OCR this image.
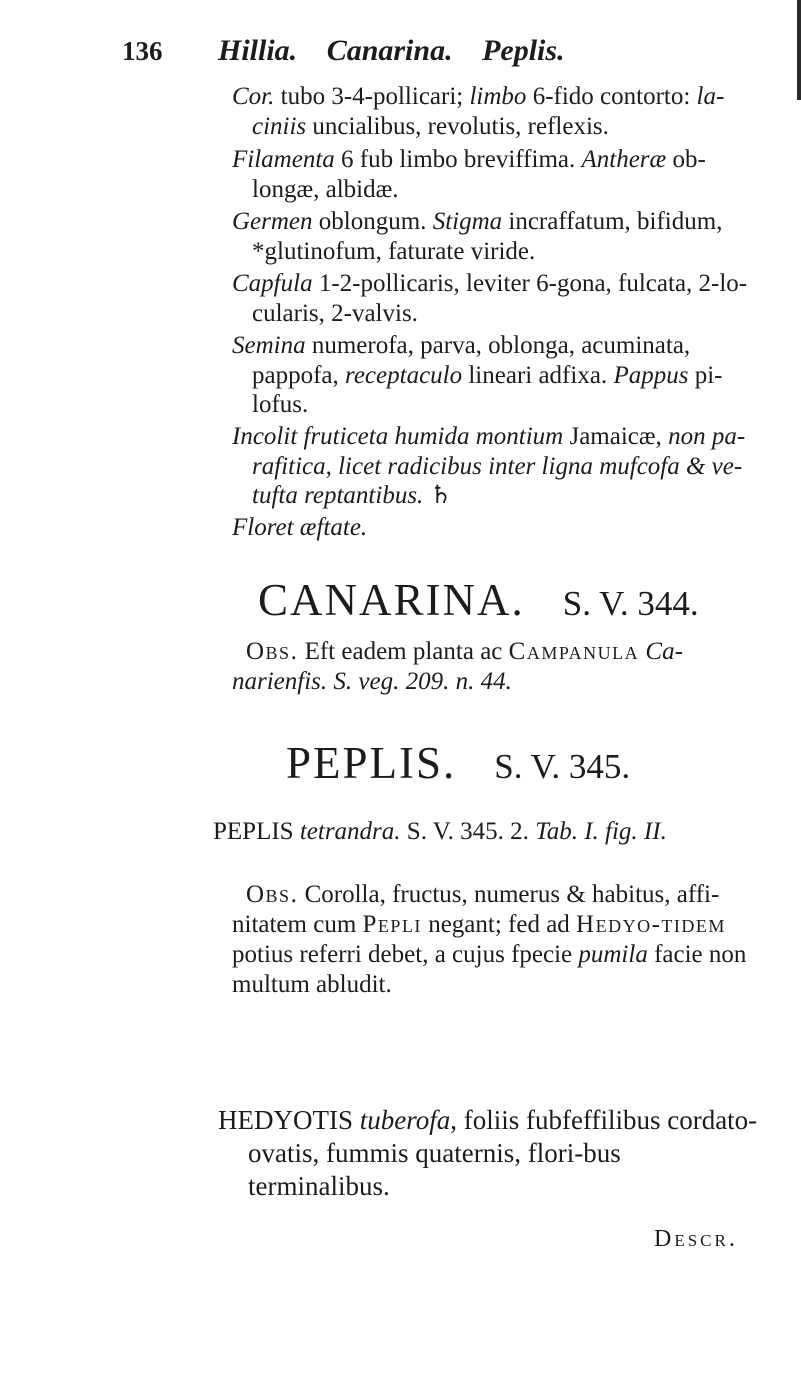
136 Hillia. Canarina. Peplis.
Cor. tubo 3-4-pollicari; limbo 6-fido contorto: la-ciniis uncialibus, revolutis, reflexis.
Filamenta 6 fub limbo breviffima. Antheræ ob-longæ, albidæ.
Germen oblongum. Stigma incraffatum, bifidum, *glutinofum, faturate viride.
Capfula 1-2-pollicaris, leviter 6-gona, fulcata, 2-lo-cularis, 2-valvis.
Semina numerofa, parva, oblonga, acuminata, pappofa, receptaculo lineari adfixa. Pappus pi-lofus.
Incolit fruticeta humida montium Jamaicæ, non pa-rafitica, licet radicibus inter ligna mufcofa & ve-tufta reptantibus. ♄
Floret æftate.
CANARINA. S. V. 344.
Obs. Eft eadem planta ac Campanula Ca-narienfis. S. veg. 209. n. 44.
PEPLIS. S. V. 345.
PEPLIS tetrandra. S. V. 345. 2. Tab. I. fig. II.
Obs. Corolla, fructus, numerus & habitus, affi-nitatem cum Pepli negant; fed ad Hedyo-tidem potius referri debet, a cujus fpecie pumila facie non multum abludit.
HEDYOTIS tuberofa, foliis fubfeffilibus cordato-ovatis, fummis quaternis, flori-bus terminalibus.
Descr.
